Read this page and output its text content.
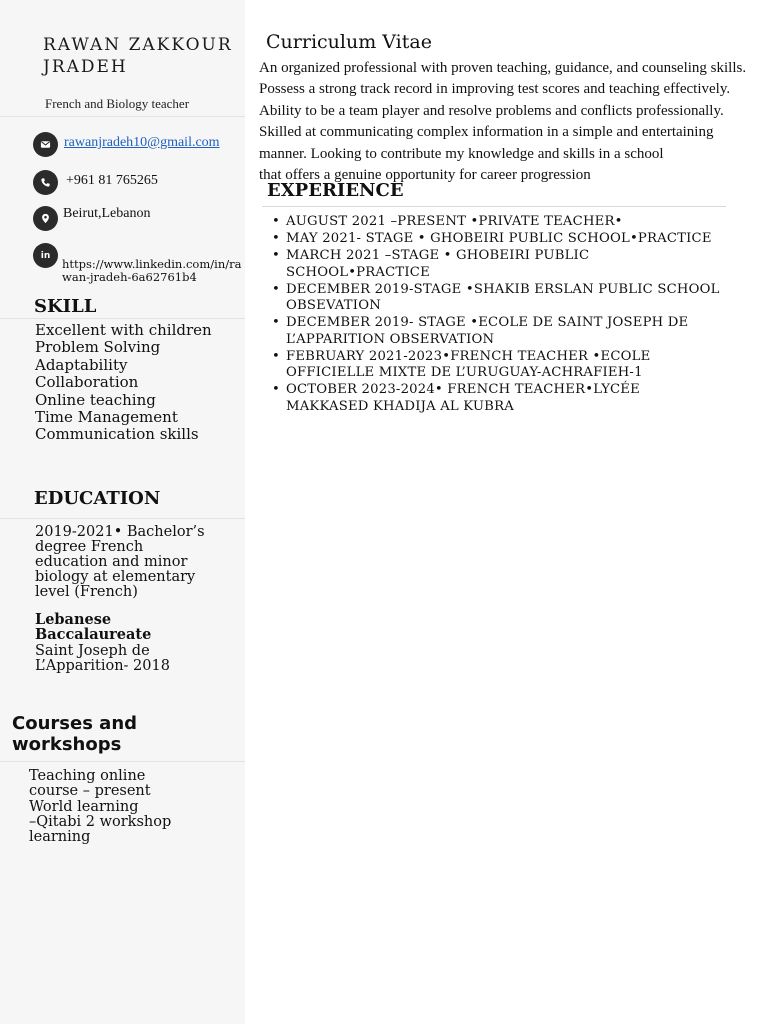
RAWAN ZAKKOUR
JRADEH
French and Biology teacher
rawanjradeh10@gmail.com
+961 81 765265
Beirut,Lebanon
in
https://www.linkedin.com/in/ra wan-jradeh-6a62761b4
SKILL
Excellent with children
Problem Solving
Adaptability
Collaboration
Online teaching
Time Management
Communication skills
EDUCATION
2019-2021• Bachelor’s
degree French
education and minor
biology at elementary
level (French)
Lebanese Baccalaureate
Saint Joseph de
L’Apparition- 2018
Courses and workshops
Teaching online
course – present
World learning
–Qitabi 2 workshop
learning
Curriculum Vitae
An organized professional with proven teaching, guidance, and counseling skills.
Possess a strong track record in improving test scores and teaching effectively.
Ability to be a team player and resolve problems and conflicts professionally.
Skilled at communicating complex information in a simple and entertaining
manner. Looking to contribute my knowledge and skills in a school
that offers a genuine opportunity for career progression
EXPERIENCE
• AUGUST 2021 –PRESENT •PRIVATE TEACHER•
• MAY 2021- STAGE • GHOBEIRI PUBLIC SCHOOL•PRACTICE
• MARCH 2021 –STAGE • GHOBEIRI PUBLIC SCHOOL•PRACTICE
• DECEMBER 2019-STAGE •SHAKIB ERSLAN PUBLIC SCHOOL OBSEVATION
• DECEMBER 2019- STAGE •ECOLE DE SAINT JOSEPH DE L’APPARITION OBSERVATION
• FEBRUARY 2021-2023•FRENCH TEACHER •ECOLE OFFICIELLE MIXTE DE L’URUGUAY-ACHRAFIEH-1
• OCTOBER 2023-2024• FRENCH TEACHER•LYCÉE MAKKASED KHADIJA AL KUBRA
